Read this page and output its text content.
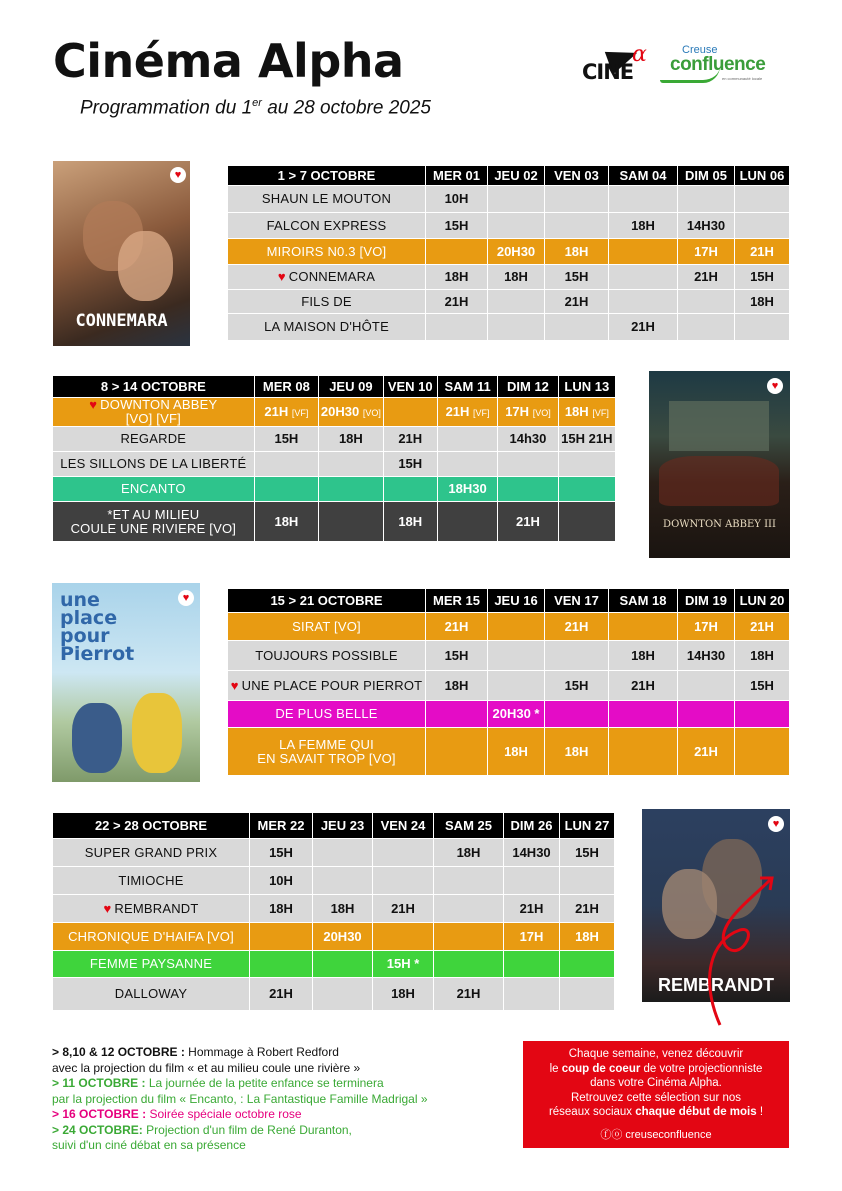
Cinéma Alpha
Programmation du 1er au 28 octobre 2025
CINE
α	Creuse
confluence
en communauté locale
♥
CONNEMARA
♥
DOWNTON ABBEY III
une place pour Pierrot
♥
♥
REMBRANDT
1 > 7 OCTOBRE	MER 01	JEU 02	VEN 03	SAM 04	DIM 05	LUN 06
SHAUN LE MOUTON	10H					
FALCON EXPRESS	15H			18H	14H30	
MIROIRS N0.3 [VO]		20H30	18H		17H	21H
♥ CONNEMARA	18H	18H	15H		21H	15H
FILS DE	21H		21H			18H
LA MAISON D'HÔTE				21H		
8 > 14 OCTOBRE	MER 08	JEU 09	VEN 10	SAM 11	DIM 12	LUN 13
♥ DOWNTON ABBEY
[VO] [VF]	21H [VF]	20H30 [VO]		21H [VF]	17H [VO]	18H [VF]
REGARDE	15H	18H	21H		14h30	15H 21H
LES SILLONS DE LA LIBERTÉ			15H			
ENCANTO				18H30		
*ET AU MILIEU
COULE UNE RIVIERE [VO]	18H		18H		21H	
15 > 21 OCTOBRE	MER 15	JEU 16	VEN 17	SAM 18	DIM 19	LUN 20
SIRAT [VO]	21H		21H		17H	21H
TOUJOURS POSSIBLE	15H			18H	14H30	18H
♥ UNE PLACE POUR PIERROT	18H		15H	21H		15H
DE PLUS BELLE		20H30 *				
LA FEMME QUI
EN SAVAIT TROP [VO]		18H	18H		21H	
22 > 28 OCTOBRE	MER 22	JEU 23	VEN 24	SAM 25	DIM 26	LUN 27
SUPER GRAND PRIX	15H			18H	14H30	15H
TIMIOCHE	10H					
♥ REMBRANDT	18H	18H	21H		21H	21H
CHRONIQUE D'HAIFA [VO]		20H30			17H	18H
FEMME PAYSANNE			15H *			
DALLOWAY	21H		18H	21H		
> 8,10 & 12 OCTOBRE : Hommage à Robert Redford
avec la projection du film « et au milieu coule une rivière »
> 11 OCTOBRE : La journée de la petite enfance se terminera
par la projection du film « Encanto, : La Fantastique Famille Madrigal »
> 16 OCTOBRE : Soirée spéciale octobre rose
> 24 OCTOBRE: Projection d'un film de René Duranton,
suivi d'un ciné débat en sa présence
Chaque semaine, venez découvrir
le coup de coeur de votre projectionniste
dans votre Cinéma Alpha.
Retrouvez cette sélection sur nos
réseaux sociaux chaque début de mois !
ⓕⓞ creuseconfluence
